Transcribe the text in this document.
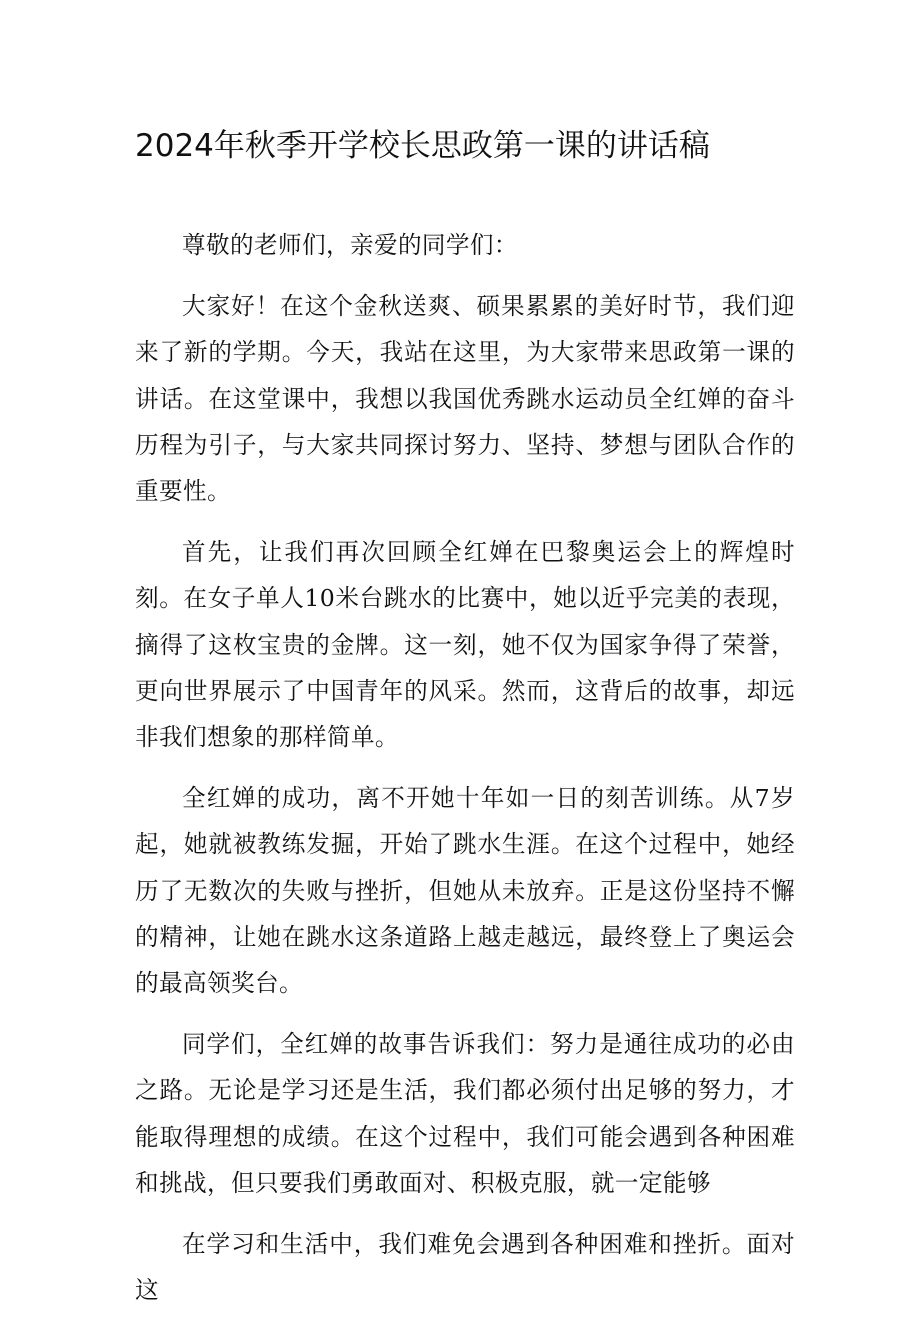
2024年秋季开学校长思政第一课的讲话稿

尊敬的老师们，亲爱的同学们：

大家好！在这个金秋送爽、硕果累累的美好时节，我们迎来了新的学期。今天，我站在这里，为大家带来思政第一课的讲话。在这堂课中，我想以我国优秀跳水运动员全红婵的奋斗历程为引子，与大家共同探讨努力、坚持、梦想与团队合作的重要性。

首先，让我们再次回顾全红婵在巴黎奥运会上的辉煌时刻。在女子单人10米台跳水的比赛中，她以近乎完美的表现，摘得了这枚宝贵的金牌。这一刻，她不仅为国家争得了荣誉，更向世界展示了中国青年的风采。然而，这背后的故事，却远非我们想象的那样简单。

全红婵的成功，离不开她十年如一日的刻苦训练。从7岁起，她就被教练发掘，开始了跳水生涯。在这个过程中，她经历了无数次的失败与挫折，但她从未放弃。正是这份坚持不懈的精神，让她在跳水这条道路上越走越远，最终登上了奥运会的最高领奖台。

同学们，全红婵的故事告诉我们：努力是通往成功的必由之路。无论是学习还是生活，我们都必须付出足够的努力，才能取得理想的成绩。在这个过程中，我们可能会遇到各种困难和挑战，但只要我们勇敢面对、积极克服，就一定能够

在学习和生活中，我们难免会遇到各种困难和挫折。面对这
